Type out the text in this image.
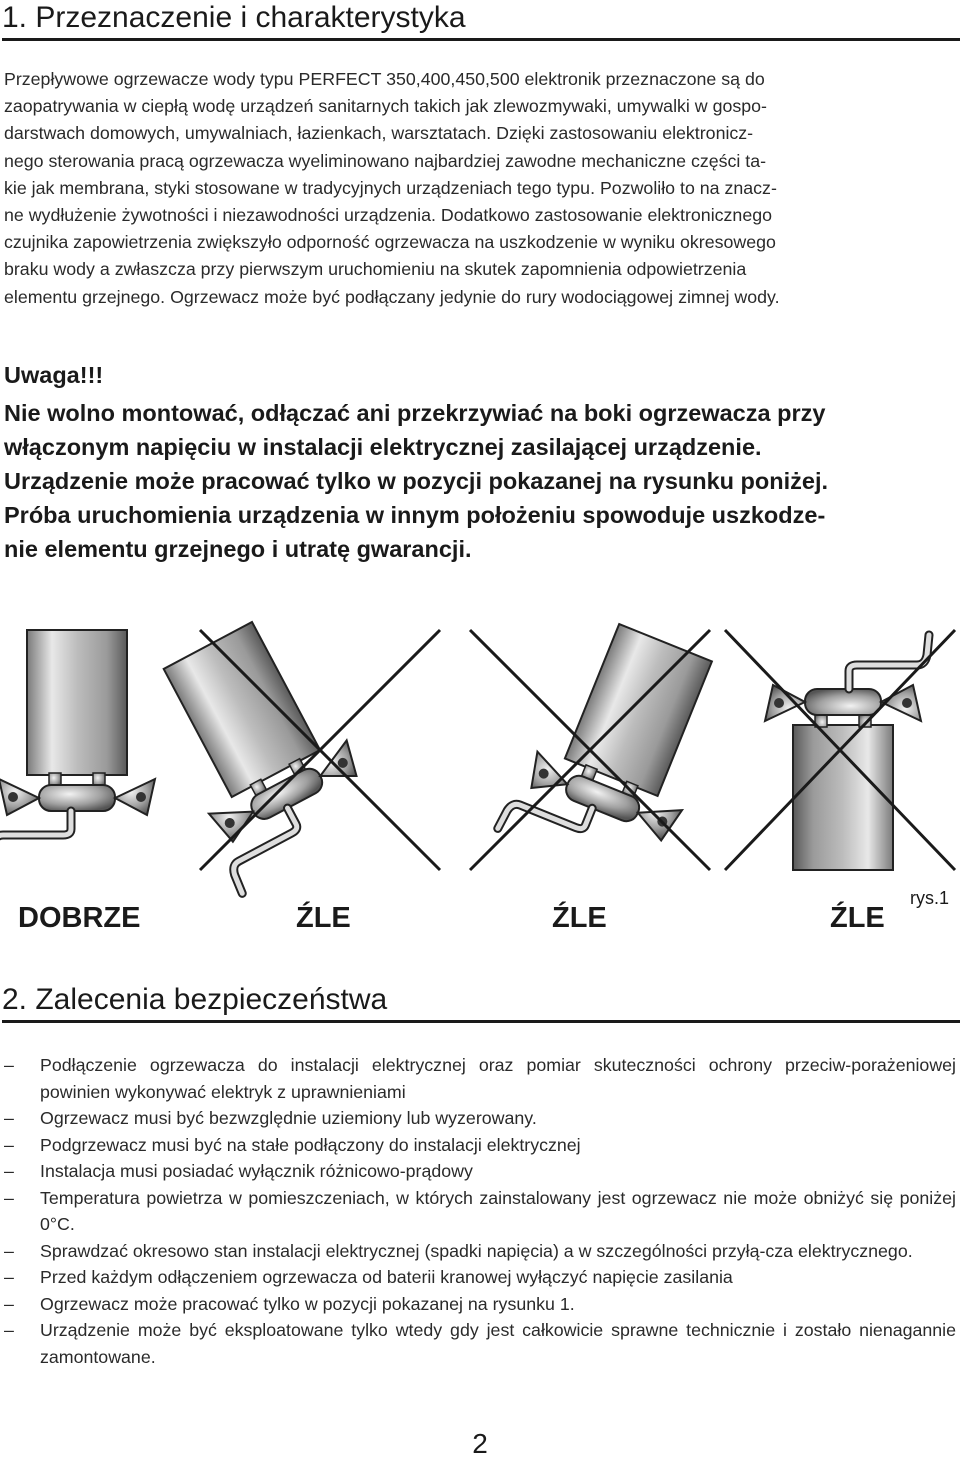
1. Przeznaczenie i charakterystyka

Przepływowe ogrzewacze wody typu PERFECT 350,400,450,500 elektronik przeznaczone są do

zaopatrywania w ciepłą wodę urządzeń sanitarnych takich jak zlewozmywaki, umywalki w gospo-

darstwach domowych, umywalniach, łazienkach, warsztatach. Dzięki zastosowaniu elektronicz-

nego sterowania pracą ogrzewacza wyeliminowano najbardziej zawodne mechaniczne części ta-

kie jak membrana, styki stosowane w tradycyjnych urządzeniach tego typu. Pozwoliło to na znacz-

ne wydłużenie żywotności i niezawodności urządzenia. Dodatkowo zastosowanie elektronicznego

czujnika zapowietrzenia zwiększyło odporność ogrzewacza na uszkodzenie w wyniku okresowego

braku wody a zwłaszcza przy pierwszym uruchomieniu na skutek zapomnienia odpowietrzenia

elementu grzejnego. Ogrzewacz może być podłączany jedynie do rury wodociągowej zimnej wody.

Uwaga!!!

Nie wolno montować, odłączać ani przekrzywiać na boki ogrzewacza przy

włączonym napięciu w instalacji elektrycznej zasilającej urządzenie.

Urządzenie może pracować tylko w pozycji pokazanej na rysunku poniżej.

Próba uruchomienia urządzenia w innym położeniu spowoduje uszkodze-

nie elementu grzejnego i utratę gwarancji.

DOBRZE	ŹLE	ŹLE	ŹLE
rys.1
2. Zalecenia bezpieczeństwa
– Podłączenie ogrzewacza do instalacji elektrycznej oraz pomiar skuteczności ochrony przeciw-porażeniowej powinien wykonywać elektryk z uprawnieniami
– Ogrzewacz musi być bezwzględnie uziemiony lub wyzerowany.
– Podgrzewacz musi być na stałe podłączony do instalacji elektrycznej
– Instalacja musi posiadać wyłącznik różnicowo-prądowy
– Temperatura powietrza w pomieszczeniach, w których zainstalowany jest ogrzewacz nie może obniżyć się poniżej 0°C.
– Sprawdzać okresowo stan instalacji elektrycznej (spadki napięcia) a w szczególności przyłą-cza elektrycznego.
– Przed każdym odłączeniem ogrzewacza od baterii kranowej wyłączyć napięcie zasilania
– Ogrzewacz może pracować tylko w pozycji pokazanej na rysunku 1.
– Urządzenie może być eksploatowane tylko wtedy gdy jest całkowicie sprawne technicznie i zostało nienagannie zamontowane.
2
